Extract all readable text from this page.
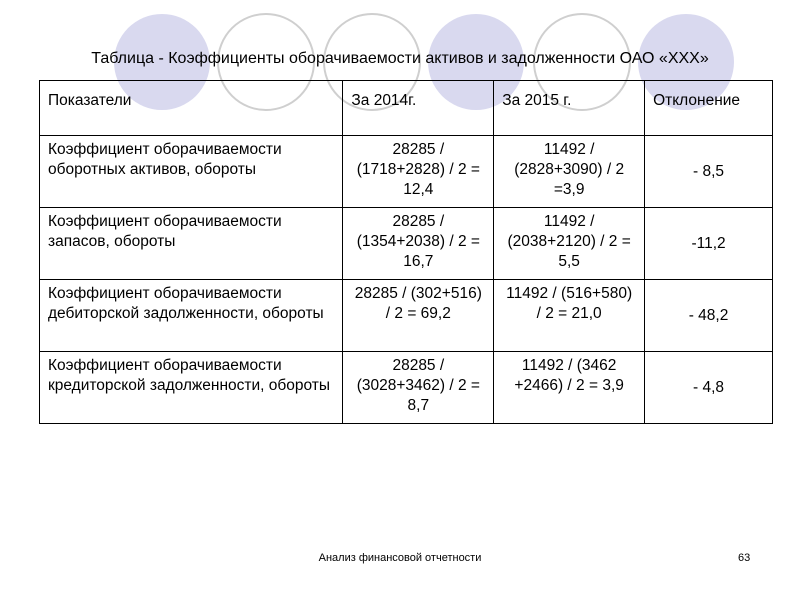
Таблица - Коэффициенты оборачиваемости активов и задолженности ОАО «ХХХ»
Показатели	За 2014г.	За 2015 г.	Отклонение
Коэффициент оборачиваемости оборотных активов, обороты	28285 / (1718+2828) / 2 = 12,4	11492 / (2828+3090) / 2 =3,9	- 8,5
Коэффициент оборачиваемости запасов, обороты	28285 / (1354+2038) / 2 = 16,7	11492 / (2038+2120) / 2 = 5,5	-11,2
Коэффициент оборачиваемости дебиторской задолженности, обороты	28285 / (302+516) / 2 = 69,2	11492 / (516+580) / 2 = 21,0	- 48,2
Коэффициент оборачиваемости кредиторской задолженности, обороты	28285 / (3028+3462) / 2 = 8,7	11492 / (3462 +2466) / 2 = 3,9	- 4,8
Анализ финансовой отчетности	63
